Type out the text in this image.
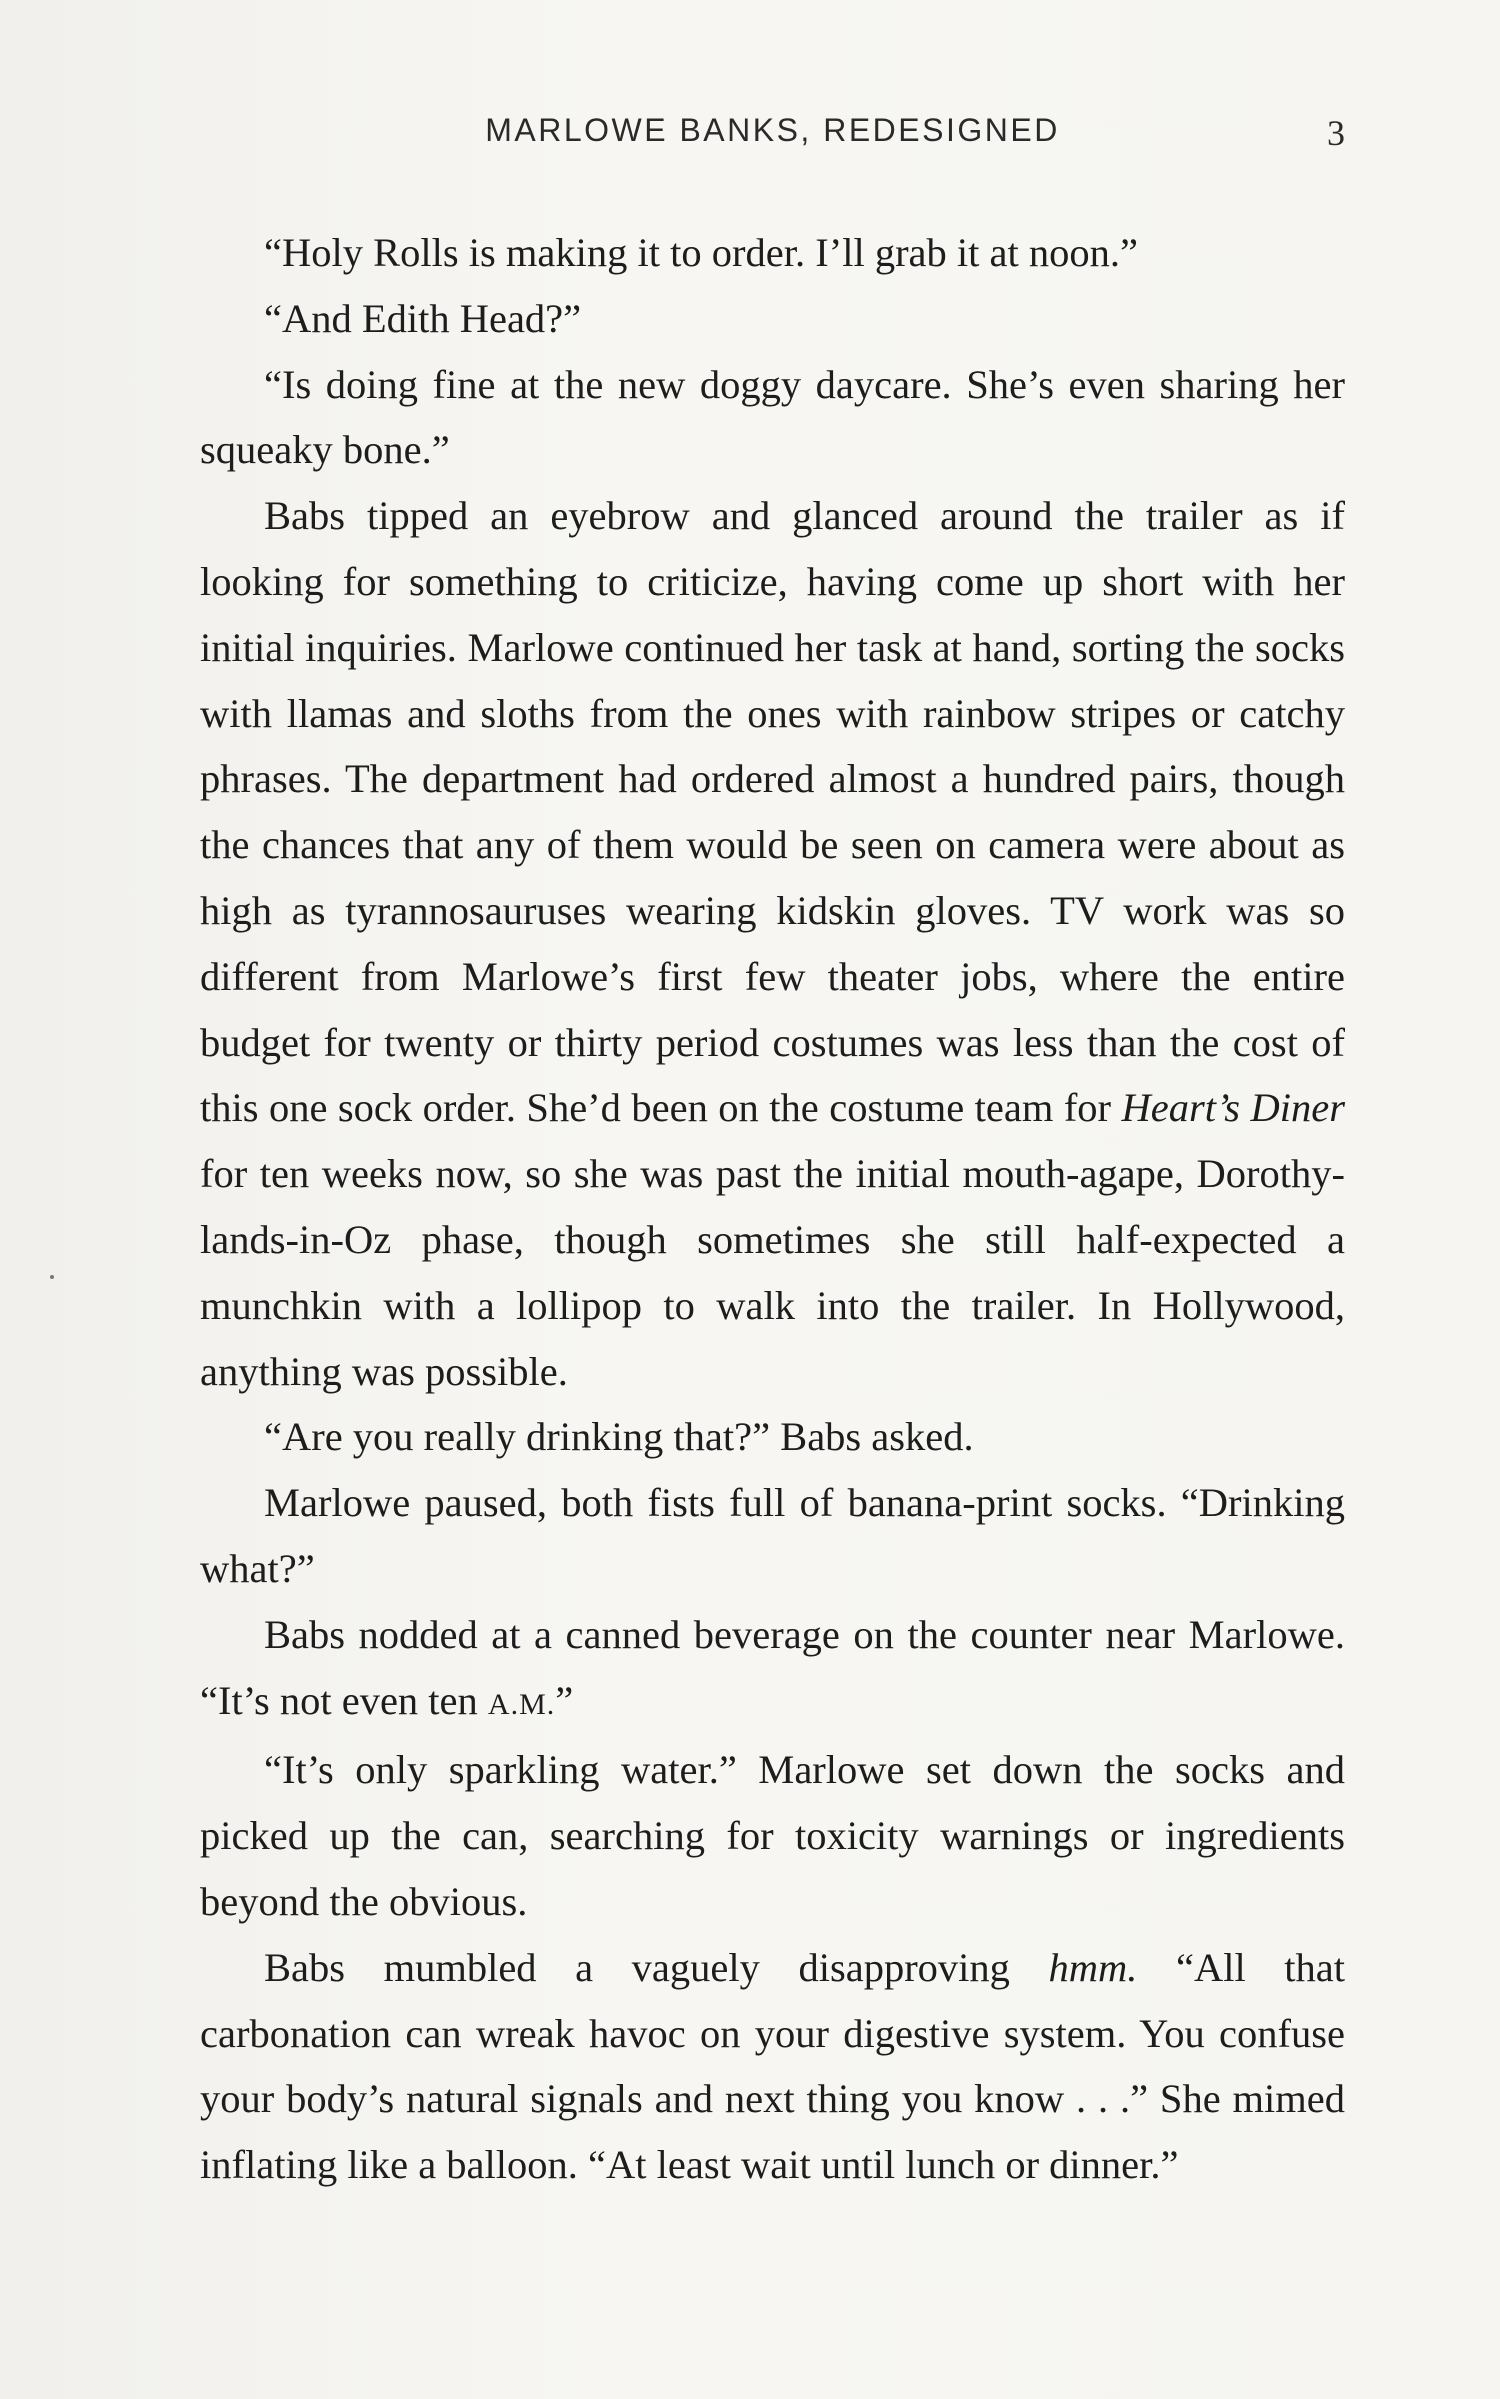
MARLOWE BANKS, REDESIGNED	3

“Holy Rolls is making it to order. I’ll grab it at noon.”

“And Edith Head?”

“Is doing fine at the new doggy daycare. She’s even sharing her squeaky bone.”

Babs tipped an eyebrow and glanced around the trailer as if looking for something to criticize, having come up short with her initial inquiries. Marlowe continued her task at hand, sorting the socks with llamas and sloths from the ones with rainbow stripes or catchy phrases. The department had ordered almost a hundred pairs, though the chances that any of them would be seen on camera were about as high as tyrannosauruses wearing kidskin gloves. TV work was so different from Marlowe’s first few theater jobs, where the entire budget for twenty or thirty period costumes was less than the cost of this one sock order. She’d been on the costume team for Heart’s Diner for ten weeks now, so she was past the initial mouth-agape, Dorothy-lands-in-Oz phase, though sometimes she still half-expected a munchkin with a lollipop to walk into the trailer. In Hollywood, anything was possible.

“Are you really drinking that?” Babs asked.

Marlowe paused, both fists full of banana-print socks. “Drinking what?”

Babs nodded at a canned beverage on the counter near Marlowe. “It’s not even ten A.M.”

“It’s only sparkling water.” Marlowe set down the socks and picked up the can, searching for toxicity warnings or ingredients beyond the obvious.

Babs mumbled a vaguely disapproving hmm. “All that carbonation can wreak havoc on your digestive system. You confuse your body’s natural signals and next thing you know . . .” She mimed inflating like a balloon. “At least wait until lunch or dinner.”
